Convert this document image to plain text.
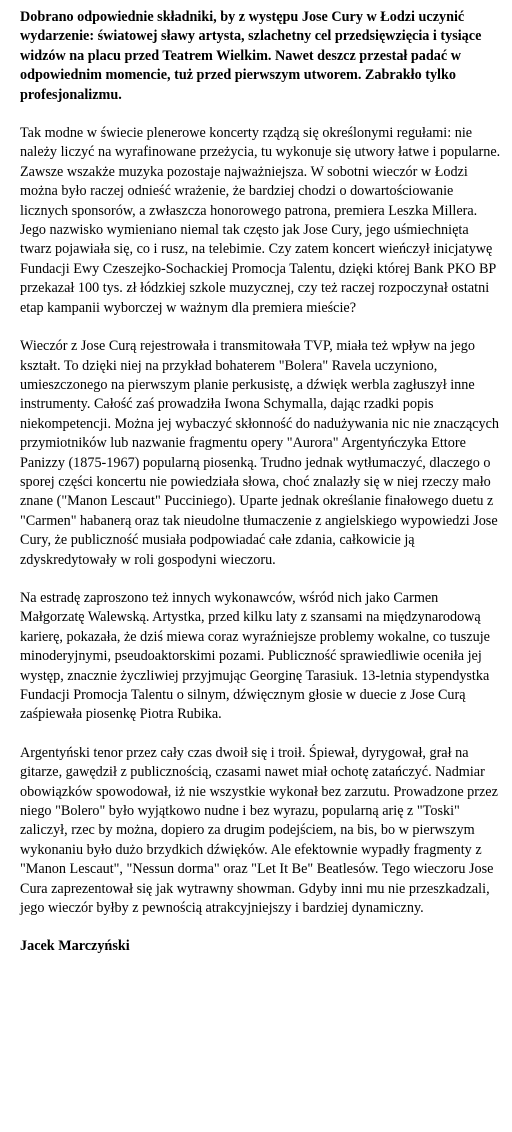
Dobrano odpowiednie składniki, by z występu Jose Cury w Łodzi uczynić wydarzenie: światowej sławy artysta, szlachetny cel przedsięwzięcia i tysiące widzów na placu przed Teatrem Wielkim. Nawet deszcz przestał padać w odpowiednim momencie, tuż przed pierwszym utworem. Zabrakło tylko profesjonalizmu.

Tak modne w świecie plenerowe koncerty rządzą się określonymi regułami: nie należy liczyć na wyrafinowane przeżycia, tu wykonuje się utwory łatwe i popularne. Zawsze wszakże muzyka pozostaje najważniejsza. W sobotni wieczór w Łodzi można było raczej odnieść wrażenie, że bardziej chodzi o dowartościowanie licznych sponsorów, a zwłaszcza honorowego patrona, premiera Leszka Millera. Jego nazwisko wymieniano niemal tak często jak Jose Cury, jego uśmiechnięta twarz pojawiała się, co i rusz, na telebimie. Czy zatem koncert wieńczył inicjatywę Fundacji Ewy Czeszejko-Sochackiej Promocja Talentu, dzięki której Bank PKO BP przekazał 100 tys. zł łódzkiej szkole muzycznej, czy też raczej rozpoczynał ostatni etap kampanii wyborczej w ważnym dla premiera mieście?

Wieczór z Jose Curą rejestrowała i transmitowała TVP, miała też wpływ na jego kształt. To dzięki niej na przykład bohaterem "Bolera" Ravela uczyniono, umieszczonego na pierwszym planie perkusistę, a dźwięk werbla zagłuszył inne instrumenty. Całość zaś prowadziła Iwona Schymalla, dając rzadki popis niekompetencji. Można jej wybaczyć skłonność do nadużywania nic nie znaczących przymiotników lub nazwanie fragmentu opery "Aurora" Argentyńczyka Ettore Panizzy (1875-1967) popularną piosenką. Trudno jednak wytłumaczyć, dlaczego o sporej części koncertu nie powiedziała słowa, choć znalazły się w niej rzeczy mało znane ("Manon Lescaut" Pucciniego). Uparte jednak określanie finałowego duetu z "Carmen" habanerą oraz tak nieudolne tłumaczenie z angielskiego wypowiedzi Jose Cury, że publiczność musiała podpowiadać całe zdania, całkowicie ją zdyskredytowały w roli gospodyni wieczoru.

Na estradę zaproszono też innych wykonawców, wśród nich jako Carmen Małgorzatę Walewską. Artystka, przed kilku laty z szansami na międzynarodową karierę, pokazała, że dziś miewa coraz wyraźniejsze problemy wokalne, co tuszuje minoderyjnymi, pseudoaktorskimi pozami. Publiczność sprawiedliwie oceniła jej występ, znacznie życzliwiej przyjmując Georginę Tarasiuk. 13-letnia stypendystka Fundacji Promocja Talentu o silnym, dźwięcznym głosie w duecie z Jose Curą zaśpiewała piosenkę Piotra Rubika.

Argentyński tenor przez cały czas dwoił się i troił. Śpiewał, dyrygował, grał na gitarze, gawędził z publicznością, czasami nawet miał ochotę zatańczyć. Nadmiar obowiązków spowodował, iż nie wszystkie wykonał bez zarzutu. Prowadzone przez niego "Bolero" było wyjątkowo nudne i bez wyrazu, popularną arię z "Toski" zaliczył, rzec by można, dopiero za drugim podejściem, na bis, bo w pierwszym wykonaniu było dużo brzydkich dźwięków. Ale efektownie wypadły fragmenty z "Manon Lescaut", "Nessun dorma" oraz "Let It Be" Beatlesów. Tego wieczoru Jose Cura zaprezentował się jak wytrawny showman. Gdyby inni mu nie przeszkadzali, jego wieczór byłby z pewnością atrakcyjniejszy i bardziej dynamiczny.

Jacek Marczyński
